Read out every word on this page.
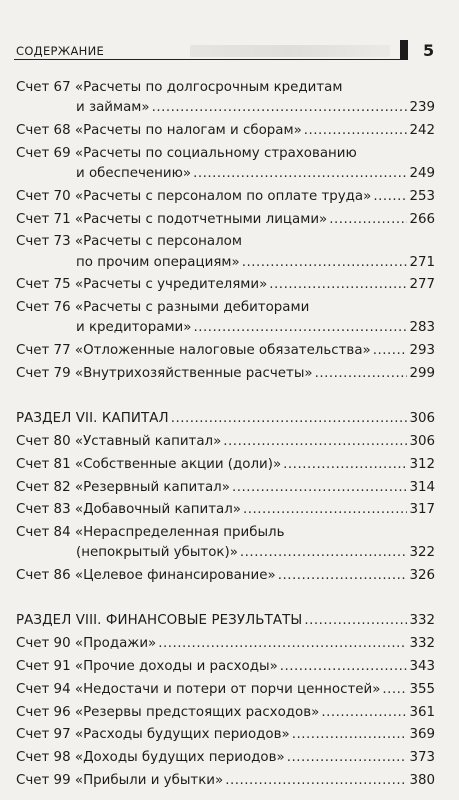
СОДЕРЖАНИЕ	5
Счет 67 «Расчеты по долгосрочным кредитам
и займам» .....	239
Счет 68 «Расчеты по налогам и сборам» .....	242
Счет 69 «Расчеты по социальному страхованию
и обеспечению» .....	249
Счет 70 «Расчеты с персоналом по оплате труда» .....	253
Счет 71 «Расчеты с подотчетными лицами» .....	266
Счет 73 «Расчеты с персоналом
по прочим операциям» .....	271
Счет 75 «Расчеты с учредителями» .....	277
Счет 76 «Расчеты с разными дебиторами
и кредиторами» .....	283
Счет 77 «Отложенные налоговые обязательства» .....	293
Счет 79 «Внутрихозяйственные расчеты» .....	299
РАЗДЕЛ VII. КАПИТАЛ .....	306
Счет 80 «Уставный капитал» .....	306
Счет 81 «Собственные акции (доли)» .....	312
Счет 82 «Резервный капитал» .....	314
Счет 83 «Добавочный капитал» .....	317
Счет 84 «Нераспределенная прибыль
(непокрытый убыток)» .....	322
Счет 86 «Целевое финансирование» .....	326
РАЗДЕЛ VIII. ФИНАНСОВЫЕ РЕЗУЛЬТАТЫ .....	332
Счет 90 «Продажи» .....	332
Счет 91 «Прочие доходы и расходы» .....	343
Счет 94 «Недостачи и потери от порчи ценностей» ..... 355
Счет 96 «Резервы предстоящих расходов» .....	361
Счет 97 «Расходы будущих периодов» .....	369
Счет 98 «Доходы будущих периодов» .....	373
Счет 99 «Прибыли и убытки» .....	380
